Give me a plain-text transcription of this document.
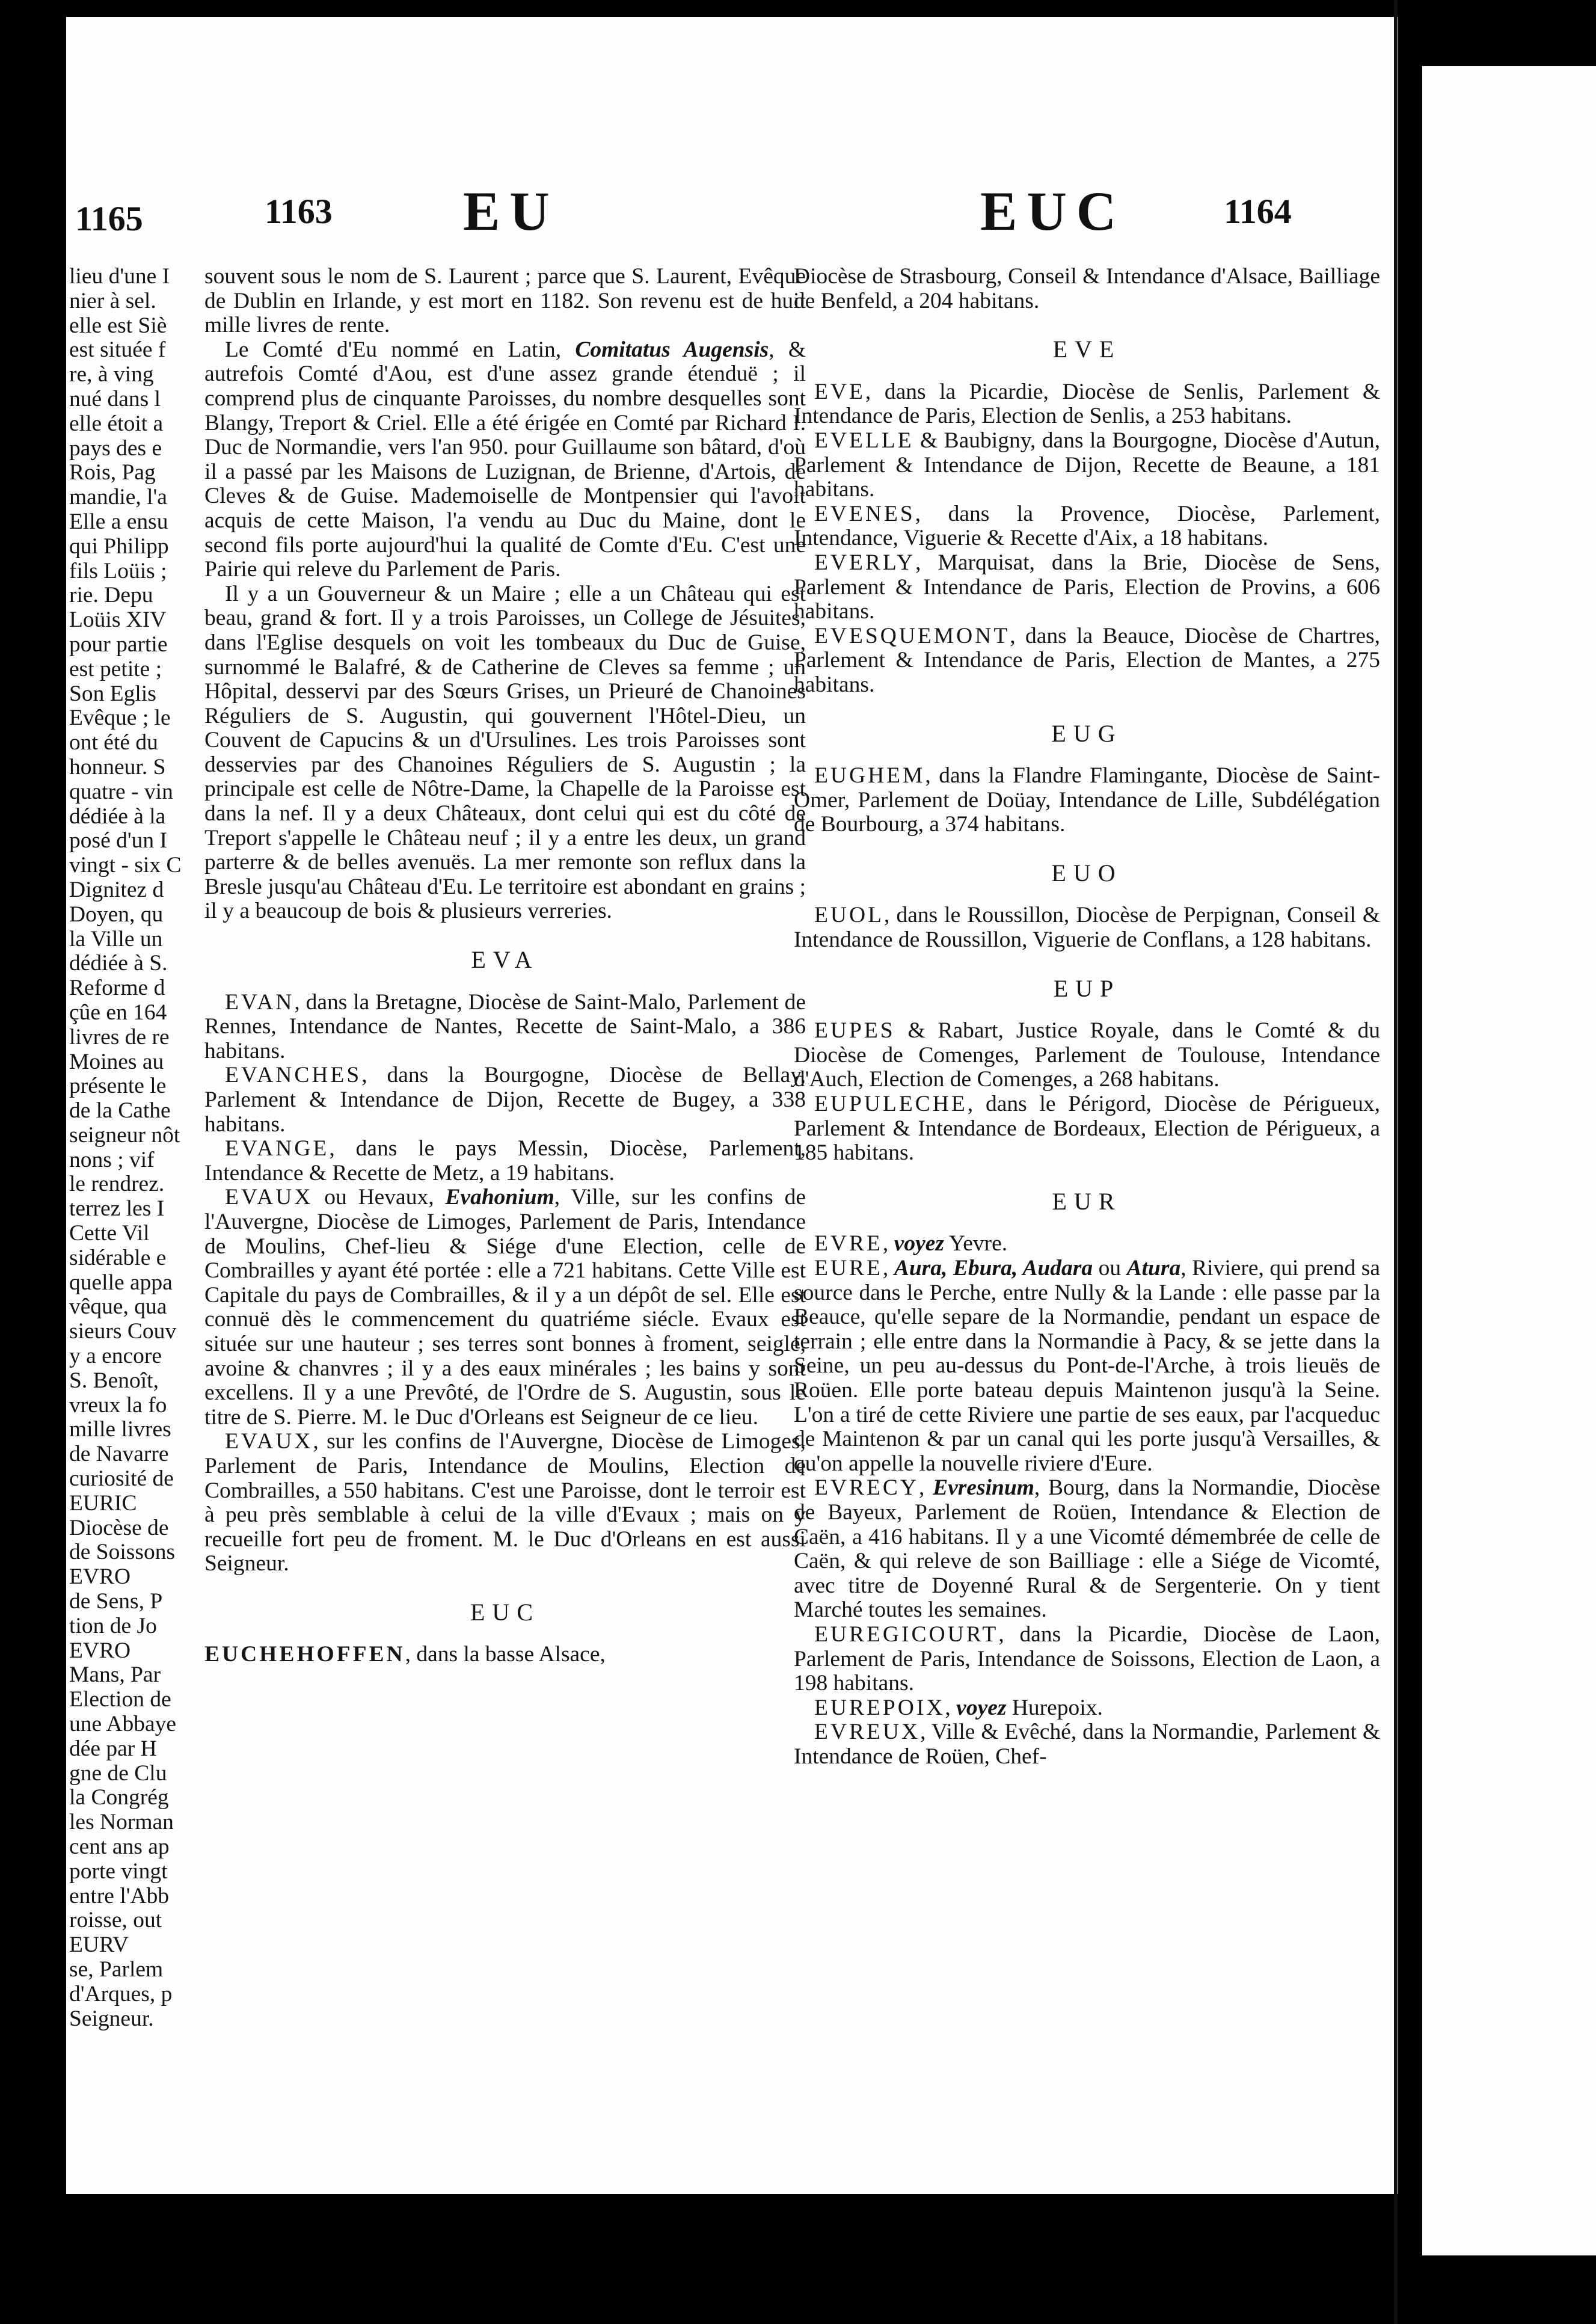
1163 EU	EUC	1164

souvent sous le nom de S. Laurent ; parce que S. Laurent, Evêque de Dublin en Irlande, y est mort en 1182. Son revenu est de huit mille livres de rente.

Le Comté d'Eu nommé en Latin, Comitatus Augensis, & autrefois Comté d'Aou, est d'une assez grande étenduë ; il comprend plus de cinquante Paroisses, du nombre desquelles sont Blangy, Treport & Criel. Elle a été érigée en Comté par Richard I. Duc de Normandie, vers l'an 950. pour Guillaume son bâtard, d'où il a passé par les Maisons de Luzignan, de Brienne, d'Artois, de Cleves & de Guise. Mademoiselle de Montpensier qui l'avoit acquis de cette Maison, l'a vendu au Duc du Maine, dont le second fils porte aujourd'hui la qualité de Comte d'Eu. C'est une Pairie qui releve du Parlement de Paris.

Il y a un Gouverneur & un Maire ; elle a un Château qui est beau, grand & fort. Il y a trois Paroisses, un College de Jésuites, dans l'Eglise desquels on voit les tombeaux du Duc de Guise, surnommé le Balafré, & de Catherine de Cleves sa femme ; un Hôpital, desservi par des Sœurs Grises, un Prieuré de Chanoines Réguliers de S. Augustin, qui gouvernent l'Hôtel-Dieu, un Couvent de Capucins & un d'Ursulines. Les trois Paroisses sont desservies par des Chanoines Réguliers de S. Augustin ; la principale est celle de Nôtre-Dame, la Chapelle de la Paroisse est dans la nef. Il y a deux Châteaux, dont celui qui est du côté de Treport s'appelle le Château neuf ; il y a entre les deux, un grand parterre & de belles avenuës. La mer remonte son reflux dans la Bresle jusqu'au Château d'Eu. Le territoire est abondant en grains ; il y a beaucoup de bois & plusieurs verreries.

EVA

EVAN, dans la Bretagne, Diocèse de Saint-Malo, Parlement de Rennes, Intendance de Nantes, Recette de Saint-Malo, a 386 habitans.

EVANCHES, dans la Bourgogne, Diocèse de Bellay, Parlement & Intendance de Dijon, Recette de Bugey, a 338 habitans.

EVANGE, dans le pays Messin, Diocèse, Parlement, Intendance & Recette de Metz, a 19 habitans.

EVAUX ou Hevaux, Evahonium, Ville, sur les confins de l'Auvergne, Diocèse de Limoges, Parlement de Paris, Intendance de Moulins, Chef-lieu & Siége d'une Election, celle de Combrailles y ayant été portée : elle a 721 habitans. Cette Ville est Capitale du pays de Combrailles, & il y a un dépôt de sel. Elle est connuë dès le commencement du quatriéme siécle. Evaux est située sur une hauteur ; ses terres sont bonnes à froment, seigle, avoine & chanvres ; il y a des eaux minérales ; les bains y sont excellens. Il y a une Prevôté, de l'Ordre de S. Augustin, sous le titre de S. Pierre. M. le Duc d'Orleans est Seigneur de ce lieu.

EVAUX, sur les confins de l'Auvergne, Diocèse de Limoges, Parlement de Paris, Intendance de Moulins, Election de Combrailles, a 550 habitans. C'est une Paroisse, dont le terroir est à peu près semblable à celui de la ville d'Evaux ; mais on y recueille fort peu de froment. M. le Duc d'Orleans en est aussi Seigneur.

EUC

EUCHEHOFFEN, dans la basse Alsace,

Diocèse de Strasbourg, Conseil & Intendance d'Alsace, Bailliage de Benfeld, a 204 habitans.

EVE

EVE, dans la Picardie, Diocèse de Senlis, Parlement & Intendance de Paris, Election de Senlis, a 253 habitans.

EVELLE & Baubigny, dans la Bourgogne, Diocèse d'Autun, Parlement & Intendance de Dijon, Recette de Beaune, a 181 habitans.

EVENES, dans la Provence, Diocèse, Parlement, Intendance, Viguerie & Recette d'Aix, a 18 habitans.

EVERLY, Marquisat, dans la Brie, Diocèse de Sens, Parlement & Intendance de Paris, Election de Provins, a 606 habitans.

EVESQUEMONT, dans la Beauce, Diocèse de Chartres, Parlement & Intendance de Paris, Election de Mantes, a 275 habitans.

EUG

EUGHEM, dans la Flandre Flamingante, Diocèse de Saint-Omer, Parlement de Doüay, Intendance de Lille, Subdélégation de Bourbourg, a 374 habitans.

EUO

EUOL, dans le Roussillon, Diocèse de Perpignan, Conseil & Intendance de Roussillon, Viguerie de Conflans, a 128 habitans.

EUP

EUPES & Rabart, Justice Royale, dans le Comté & du Diocèse de Comenges, Parlement de Toulouse, Intendance d'Auch, Election de Comenges, a 268 habitans.

EUPULECHE, dans le Périgord, Diocèse de Périgueux, Parlement & Intendance de Bordeaux, Election de Périgueux, a 185 habitans.

EUR

EVRE, voyez Yevre.

EURE, Aura, Ebura, Audara ou Atura, Riviere, qui prend sa source dans le Perche, entre Nully & la Lande : elle passe par la Beauce, qu'elle separe de la Normandie, pendant un espace de terrain ; elle entre dans la Normandie à Pacy, & se jette dans la Seine, un peu au-dessus du Pont-de-l'Arche, à trois lieuës de Roüen. Elle porte bateau depuis Maintenon jusqu'à la Seine. L'on a tiré de cette Riviere une partie de ses eaux, par l'acqueduc de Maintenon & par un canal qui les porte jusqu'à Versailles, & qu'on appelle la nouvelle riviere d'Eure.

EVRECY, Evresinum, Bourg, dans la Normandie, Diocèse de Bayeux, Parlement de Roüen, Intendance & Election de Caën, a 416 habitans. Il y a une Vicomté démembrée de celle de Caën, & qui releve de son Bailliage : elle a Siége de Vicomté, avec titre de Doyenné Rural & de Sergenterie. On y tient Marché toutes les semaines.

EUREGICOURT, dans la Picardie, Diocèse de Laon, Parlement de Paris, Intendance de Soissons, Election de Laon, a 198 habitans.

EUREPOIX, voyez Hurepoix.

EVREUX, Ville & Evêché, dans la Normandie, Parlement & Intendance de Roüen, Chef-

1165
lieu d'une I
nier à sel.
elle est Siè
est située f
re, à ving
nué dans l
elle étoit a
pays des e
Rois, Pag
mandie, l'a
Elle a ensu
qui Philipp
fils Loüis ;
rie. Depu
Loüis XIV
pour partie
est petite ;
Son Eglis
Evêque ; le
ont été du
honneur. S
quatre - vin
dédiée à la
posé d'un I
vingt - six C
Dignitez d
Doyen, qu
la Ville un
dédiée à S.
Reforme d
çûe en 164
livres de re
Moines au
présente le
de la Cathe
seigneur nôt
nons ; vif
le rendrez.
terrez les I
Cette Vil
sidérable e
quelle appa
vêque, qua
sieurs Couv
y a encore
S. Benoît,
vreux la fo
mille livres
de Navarre
curiosité de
EURIC
Diocèse de
de Soissons
EVRO
de Sens, P
tion de Jo
EVRO
Mans, Par
Election de
une Abbaye
dée par H
gne de Clu
la Congrég
les Norman
cent ans ap
porte vingt
entre l'Abb
roisse, out
EURV
se, Parlem
d'Arques, p
Seigneur.
